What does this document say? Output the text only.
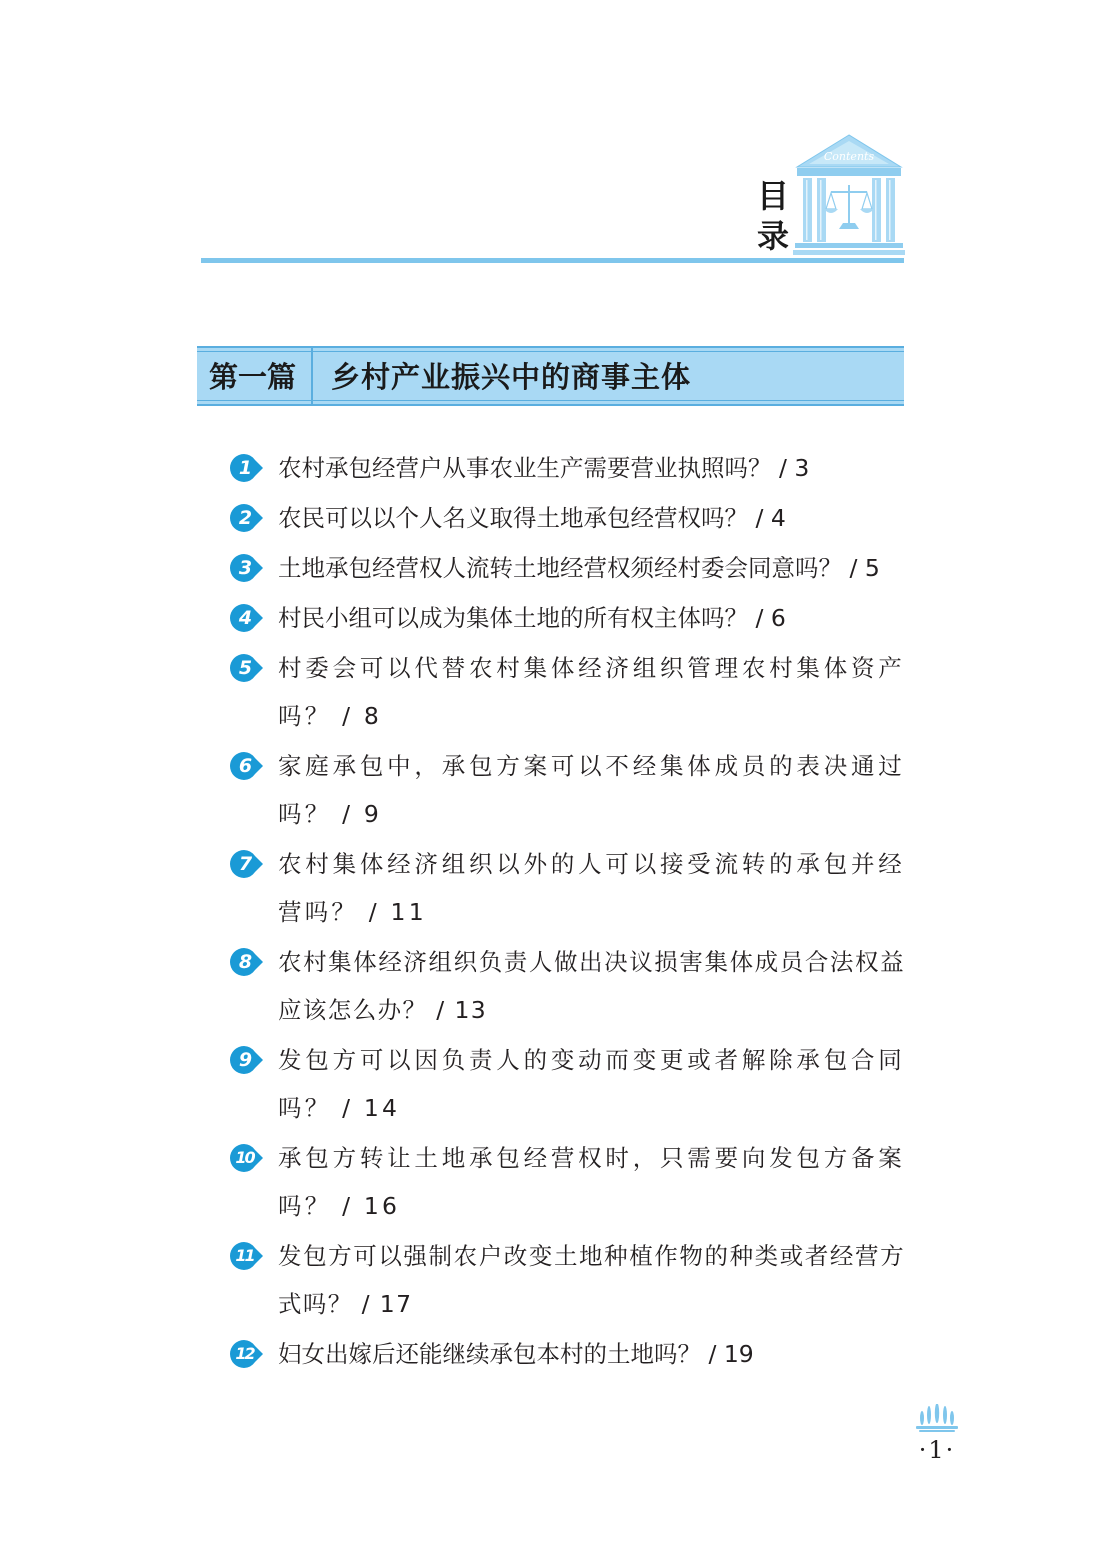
目
录
Contents
第一篇 乡村产业振兴中的商事主体
1	农村承包经营户从事农业生产需要营业执照吗？ / 3
2	农民可以以个人名义取得土地承包经营权吗？ / 4
3	土地承包经营权人流转土地经营权须经村委会同意吗？ / 5
4	村民小组可以成为集体土地的所有权主体吗？ / 6
5	村委会可以代替农村集体经济组织管理农村集体资产吗？ / 8
6	家庭承包中，承包方案可以不经集体成员的表决通过吗？ / 9
7	农村集体经济组织以外的人可以接受流转的承包并经营吗？ / 11
8	农村集体经济组织负责人做出决议损害集体成员合法权益应该怎么办？ / 13
9	发包方可以因负责人的变动而变更或者解除承包合同吗？ / 14
10 承包方转让土地承包经营权时，只需要向发包方备案吗？ / 16
11 发包方可以强制农户改变土地种植作物的种类或者经营方式吗？ / 17
12 妇女出嫁后还能继续承包本村的土地吗？ / 19
·1·
